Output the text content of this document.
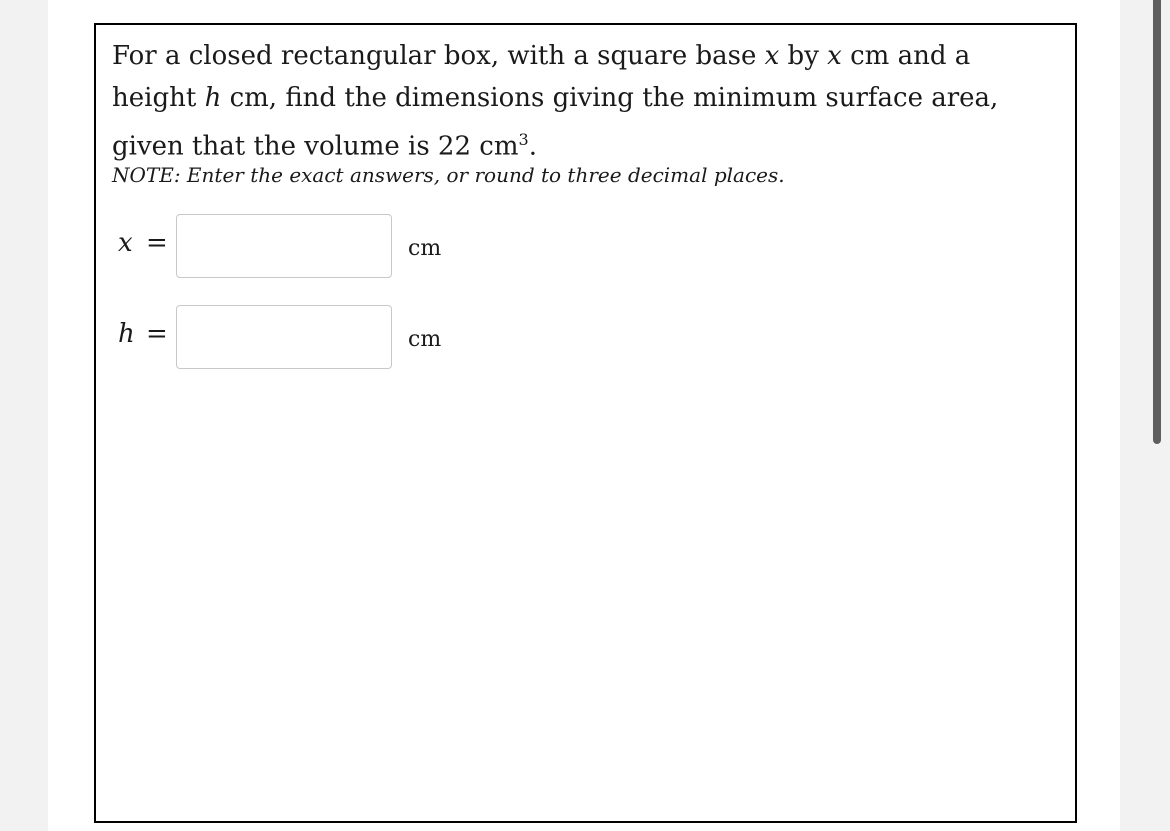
For a closed rectangular box, with a square base x by x cm and a
height h cm, find the dimensions giving the minimum surface area,
given that the volume is 22 $cm^3$.
NOTE: Enter the exact answers, or round to three decimal places.
x =	cm
h =	cm
